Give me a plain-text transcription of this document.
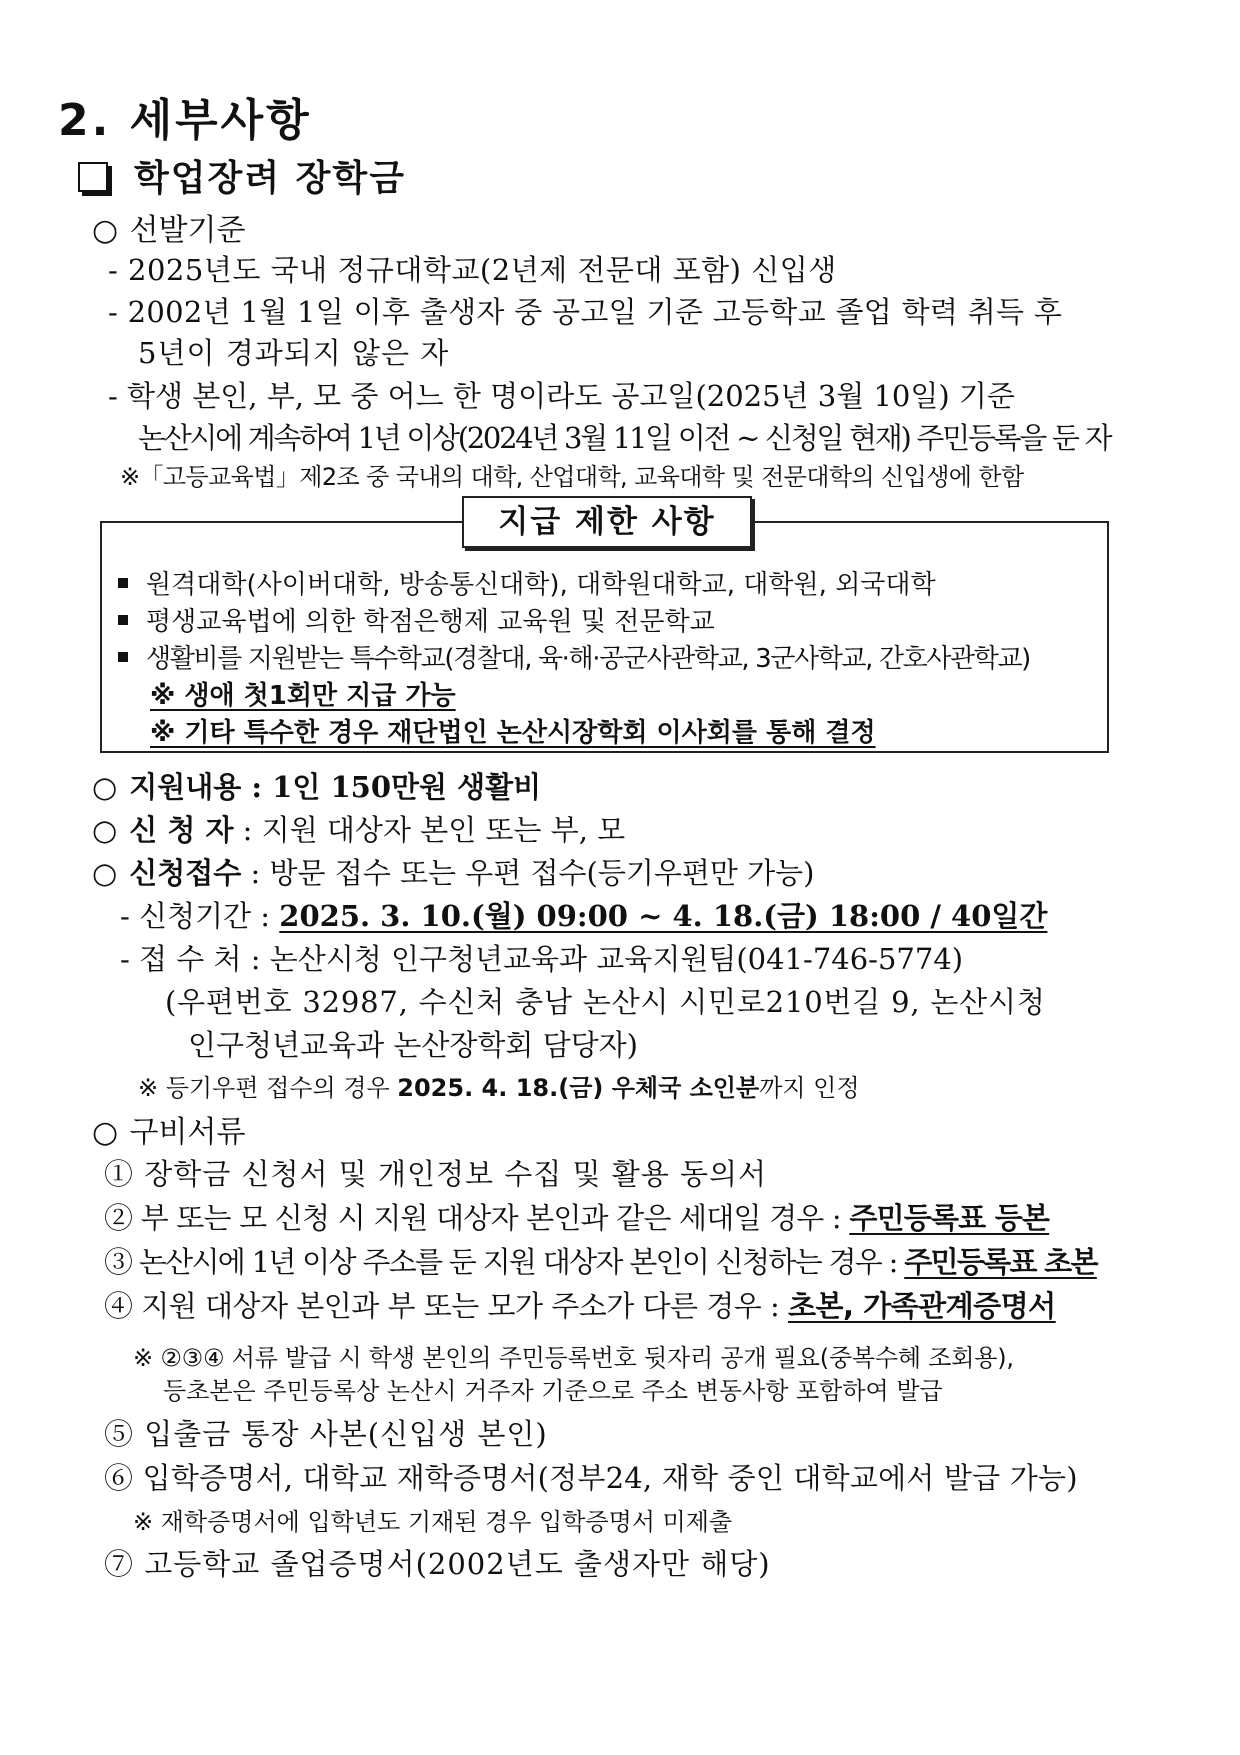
2. 세부사항
학업장려 장학금
○ 선발기준
- 2025년도 국내 정규대학교(2년제 전문대 포함) 신입생
- 2002년 1월 1일 이후 출생자 중 공고일 기준 고등학교 졸업 학력 취득 후
5년이 경과되지 않은 자
- 학생 본인, 부, 모 중 어느 한 명이라도 공고일(2025년 3월 10일) 기준
논산시에 계속하여 1년 이상(2024년 3월 11일 이전 ~ 신청일 현재) 주민등록을 둔 자
※「고등교육법」제2조 중 국내의 대학, 산업대학, 교육대학 및 전문대학의 신입생에 한함
지급 제한 사항
원격대학(사이버대학, 방송통신대학), 대학원대학교, 대학원, 외국대학
평생교육법에 의한 학점은행제 교육원 및 전문학교
생활비를 지원받는 특수학교(경찰대, 육·해·공군사관학교, 3군사학교, 간호사관학교)
※ 생애 첫1회만 지급 가능
※ 기타 특수한 경우 재단법인 논산시장학회 이사회를 통해 결정
○ 지원내용 : 1인 150만원 생활비
○ 신 청 자 : 지원 대상자 본인 또는 부, 모
○ 신청접수 : 방문 접수 또는 우편 접수(등기우편만 가능)
- 신청기간 : 2025. 3. 10.(월) 09:00 ~ 4. 18.(금) 18:00 / 40일간
- 접 수 처 : 논산시청 인구청년교육과 교육지원팀(041-746-5774)
(우편번호 32987, 수신처 충남 논산시 시민로210번길 9, 논산시청
인구청년교육과 논산장학회 담당자)
※ 등기우편 접수의 경우 2025. 4. 18.(금) 우체국 소인분까지 인정
○ 구비서류
① 장학금 신청서 및 개인정보 수집 및 활용 동의서
② 부 또는 모 신청 시 지원 대상자 본인과 같은 세대일 경우 : 주민등록표 등본
③ 논산시에 1년 이상 주소를 둔 지원 대상자 본인이 신청하는 경우 : 주민등록표 초본
④ 지원 대상자 본인과 부 또는 모가 주소가 다른 경우 : 초본, 가족관계증명서
※ ②③④ 서류 발급 시 학생 본인의 주민등록번호 뒷자리 공개 필요(중복수혜 조회용),
등초본은 주민등록상 논산시 거주자 기준으로 주소 변동사항 포함하여 발급
⑤ 입출금 통장 사본(신입생 본인)
⑥ 입학증명서, 대학교 재학증명서(정부24, 재학 중인 대학교에서 발급 가능)
※ 재학증명서에 입학년도 기재된 경우 입학증명서 미제출
⑦ 고등학교 졸업증명서(2002년도 출생자만 해당)
